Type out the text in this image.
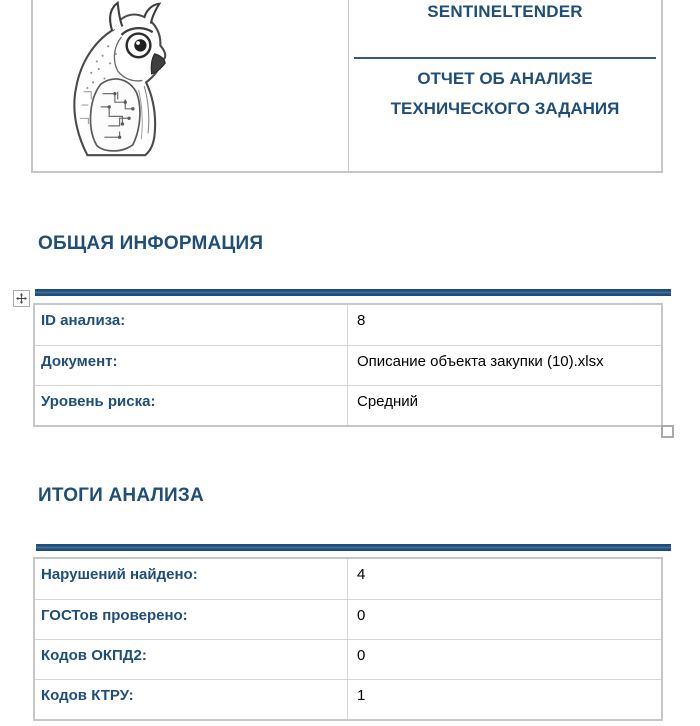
SENTINELTENDER
ОТЧЕТ ОБ АНАЛИЗЕ
ТЕХНИЧЕСКОГО ЗАДАНИЯ
ОБЩАЯ ИНФОРМАЦИЯ
ID анализа:	8
Документ:	Описание объекта закупки (10).xlsx
Уровень риска:	Средний
ИТОГИ АНАЛИЗА
Нарушений найдено:	4
ГОСТов проверено:	0
Кодов ОКПД2:	0
Кодов КТРУ:	1
